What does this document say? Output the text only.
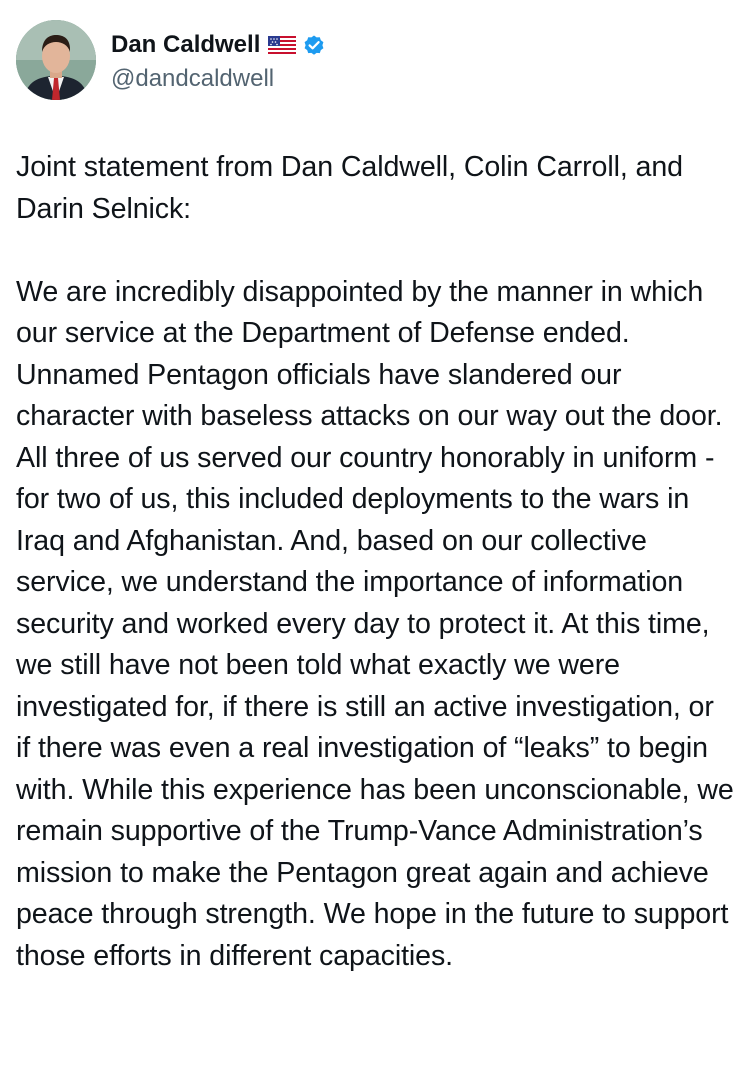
Dan Caldwell
@dandcaldwell

Joint statement from Dan Caldwell, Colin Carroll, and Darin Selnick:

We are incredibly disappointed by the manner in which our service at the Department of Defense ended. Unnamed Pentagon officials have slandered our character with baseless attacks on our way out the door. All three of us served our country honorably in uniform - for two of us, this included deployments to the wars in Iraq and Afghanistan. And, based on our collective service, we understand the importance of information security and worked every day to protect it. At this time, we still have not been told what exactly we were investigated for, if there is still an active investigation, or if there was even a real investigation of “leaks” to begin with. While this experience has been unconscionable, we remain supportive of the Trump-Vance Administration’s mission to make the Pentagon great again and achieve peace through strength. We hope in the future to support those efforts in different capacities.
